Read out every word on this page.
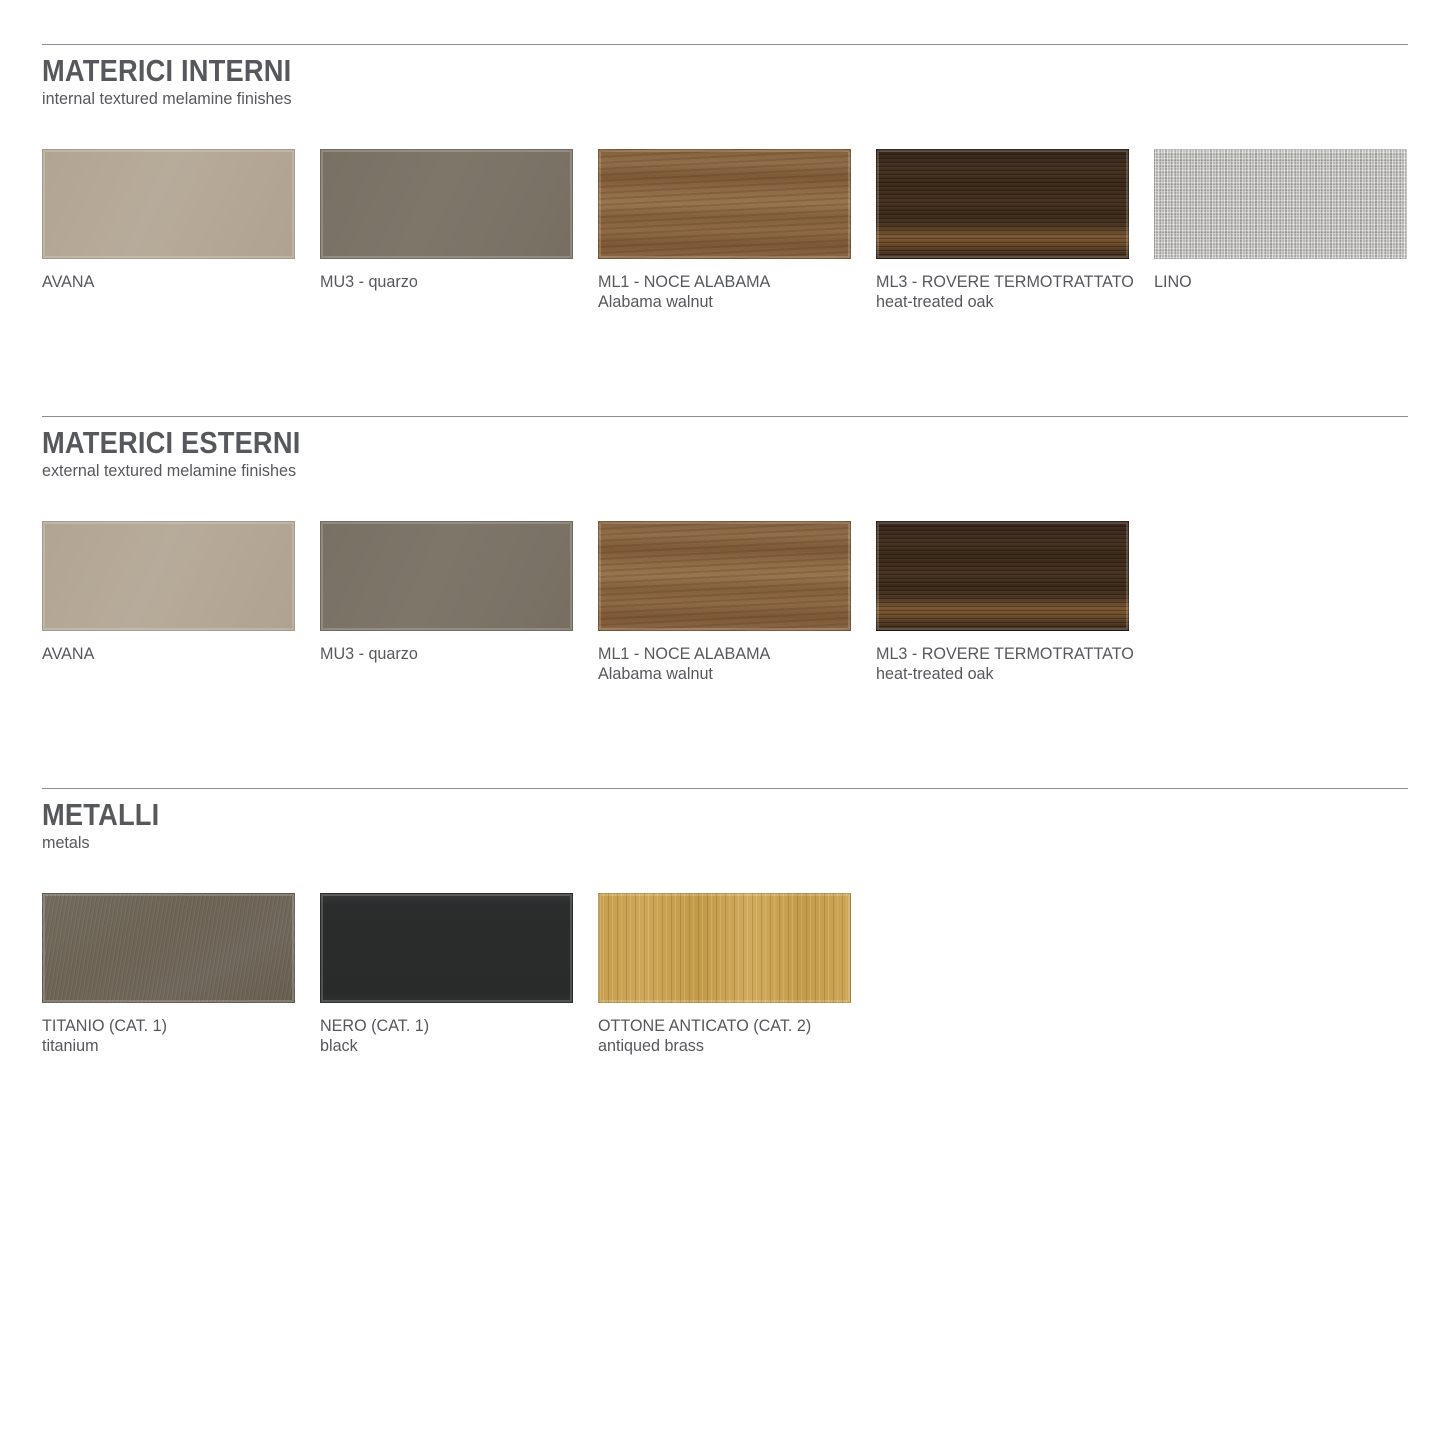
MATERICI INTERNI

internal textured melamine finishes

AVANA	MU3 - quarzo	ML1 - NOCE ALABAMA
Alabama walnut
ML3 - ROVERE TERMOTRATTATO
heat-treated oak
LINO
MATERICI ESTERNI

external textured melamine finishes

AVANA	MU3 - quarzo	ML1 - NOCE ALABAMA
Alabama walnut
ML3 - ROVERE TERMOTRATTATO
heat-treated oak
METALLI

metals

TITANIO (CAT. 1)
titanium
NERO (CAT. 1)
black
OTTONE ANTICATO (CAT. 2)
antiqued brass
